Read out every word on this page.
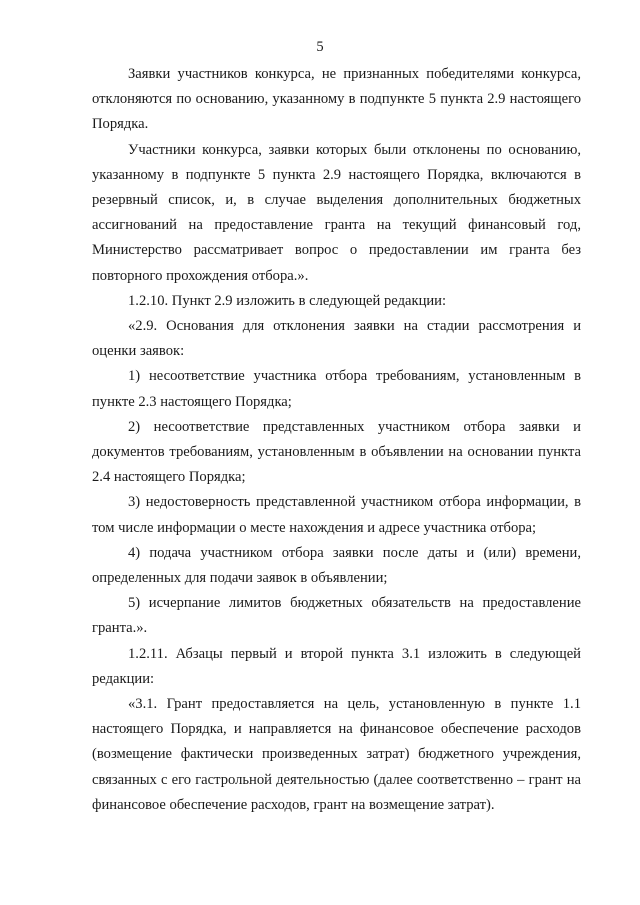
5

Заявки участников конкурса, не признанных победителями конкурса, отклоняются по основанию, указанному в подпункте 5 пункта 2.9 настоящего Порядка.

Участники конкурса, заявки которых были отклонены по основанию, указанному в подпункте 5 пункта 2.9 настоящего Порядка, включаются в резервный список, и, в случае выделения дополнительных бюджетных ассигнований на предоставление гранта на текущий финансовый год, Министерство рассматривает вопрос о предоставлении им гранта без повторного прохождения отбора.».

1.2.10. Пункт 2.9 изложить в следующей редакции:

«2.9. Основания для отклонения заявки на стадии рассмотрения и оценки заявок:

1) несоответствие участника отбора требованиям, установленным в пункте 2.3 настоящего Порядка;

2) несоответствие представленных участником отбора заявки и документов требованиям, установленным в объявлении на основании пункта 2.4 настоящего Порядка;

3) недостоверность представленной участником отбора информации, в том числе информации о месте нахождения и адресе участника отбора;

4) подача участником отбора заявки после даты и (или) времени, определенных для подачи заявок в объявлении;

5) исчерпание лимитов бюджетных обязательств на предоставление гранта.».

1.2.11. Абзацы первый и второй пункта 3.1 изложить в следующей редакции:

«3.1. Грант предоставляется на цель, установленную в пункте 1.1 настоящего Порядка, и направляется на финансовое обеспечение расходов (возмещение фактически произведенных затрат) бюджетного учреждения, связанных с его гастрольной деятельностью (далее соответственно – грант на финансовое обеспечение расходов, грант на возмещение затрат).
